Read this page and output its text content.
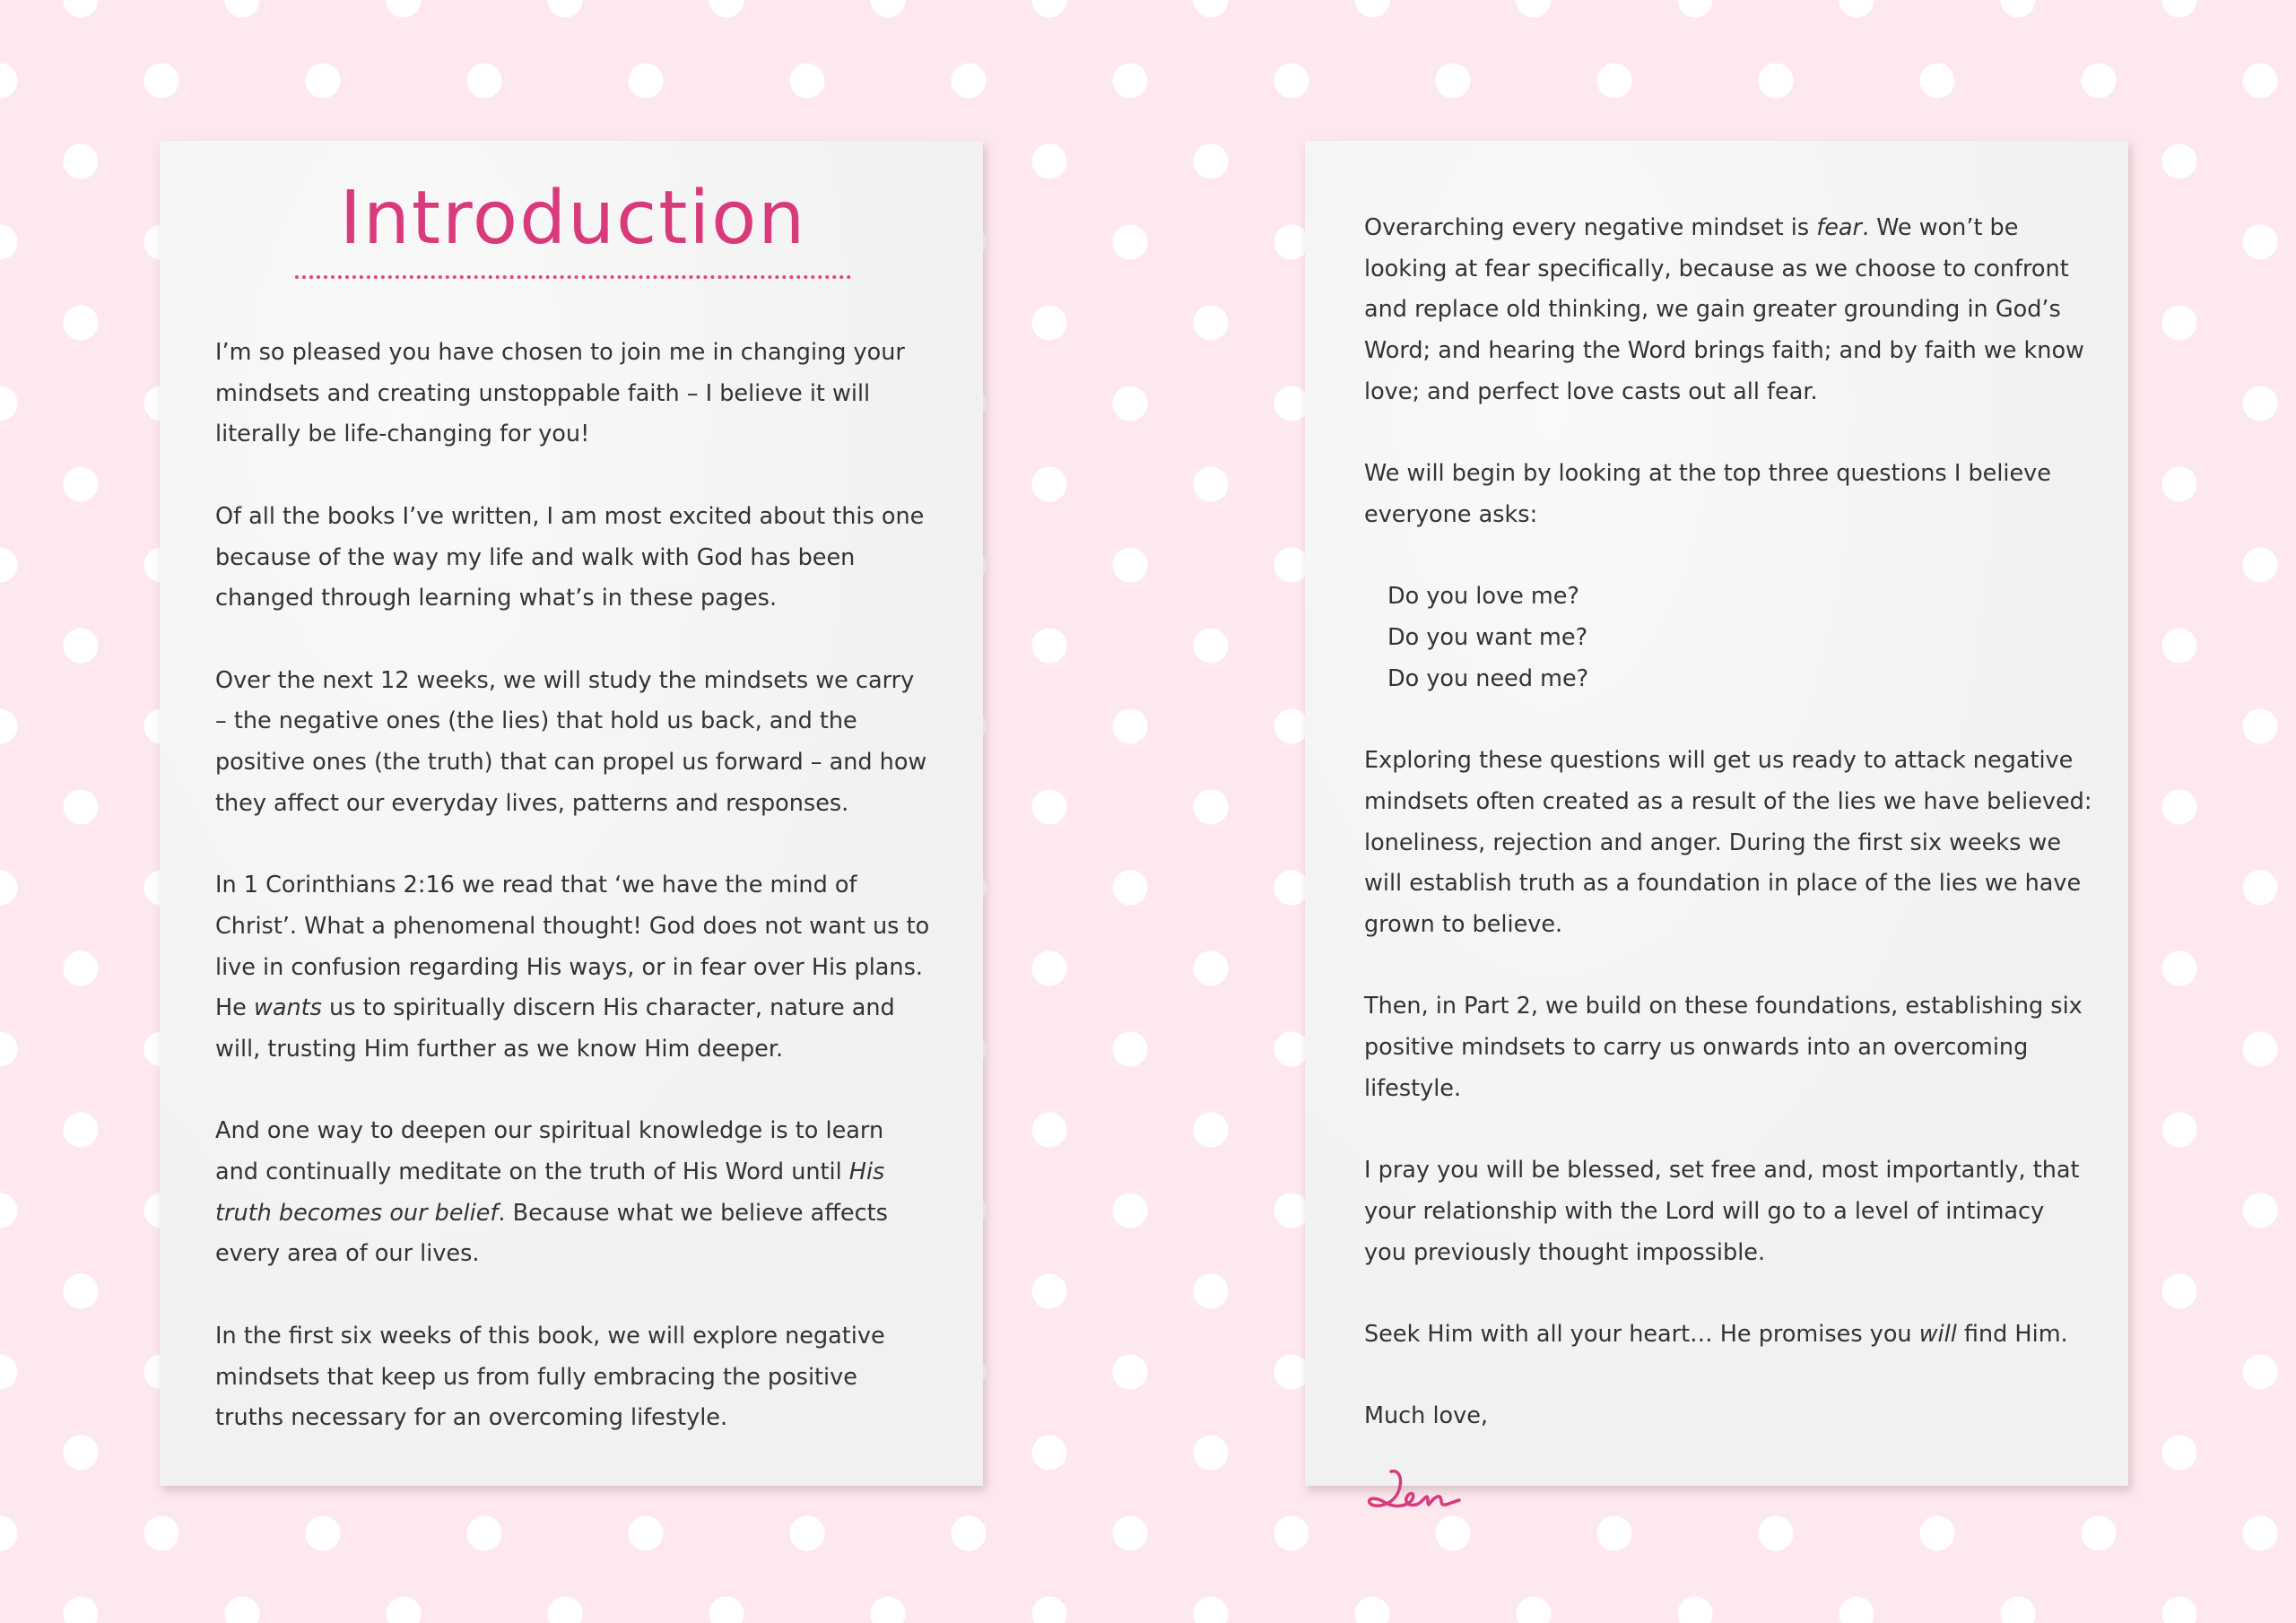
Introduction

I’m so pleased you have chosen to join me in changing your mindsets and creating unstoppable faith – I believe it will literally be life-changing for you!

Of all the books I’ve written, I am most excited about this one because of the way my life and walk with God has been changed through learning what’s in these pages.

Over the next 12 weeks, we will study the mindsets we carry – the negative ones (the lies) that hold us back, and the positive ones (the truth) that can propel us forward – and how they affect our everyday lives, patterns and responses.

In 1 Corinthians 2:16 we read that ‘we have the mind of Christ’. What a phenomenal thought! God does not want us to live in confusion regarding His ways, or in fear over His plans. He wants us to spiritually discern His character, nature and will, trusting Him further as we know Him deeper.

And one way to deepen our spiritual knowledge is to learn and continually meditate on the truth of His Word until His truth becomes our belief. Because what we believe affects every area of our lives.

In the first six weeks of this book, we will explore negative mindsets that keep us from fully embracing the positive truths necessary for an overcoming lifestyle.

Overarching every negative mindset is fear. We won’t be looking at fear specifically, because as we choose to confront and replace old thinking, we gain greater grounding in God’s Word; and hearing the Word brings faith; and by faith we know love; and perfect love casts out all fear.

We will begin by looking at the top three questions I believe everyone asks:

Do you love me?
Do you want me?
Do you need me?

Exploring these questions will get us ready to attack negative mindsets often created as a result of the lies we have believed: loneliness, rejection and anger. During the first six weeks we will establish truth as a foundation in place of the lies we have grown to believe.

Then, in Part 2, we build on these foundations, establishing six positive mindsets to carry us onwards into an overcoming lifestyle.

I pray you will be blessed, set free and, most importantly, that your relationship with the Lord will go to a level of intimacy you previously thought impossible.

Seek Him with all your heart… He promises you will find Him.

Much love,
